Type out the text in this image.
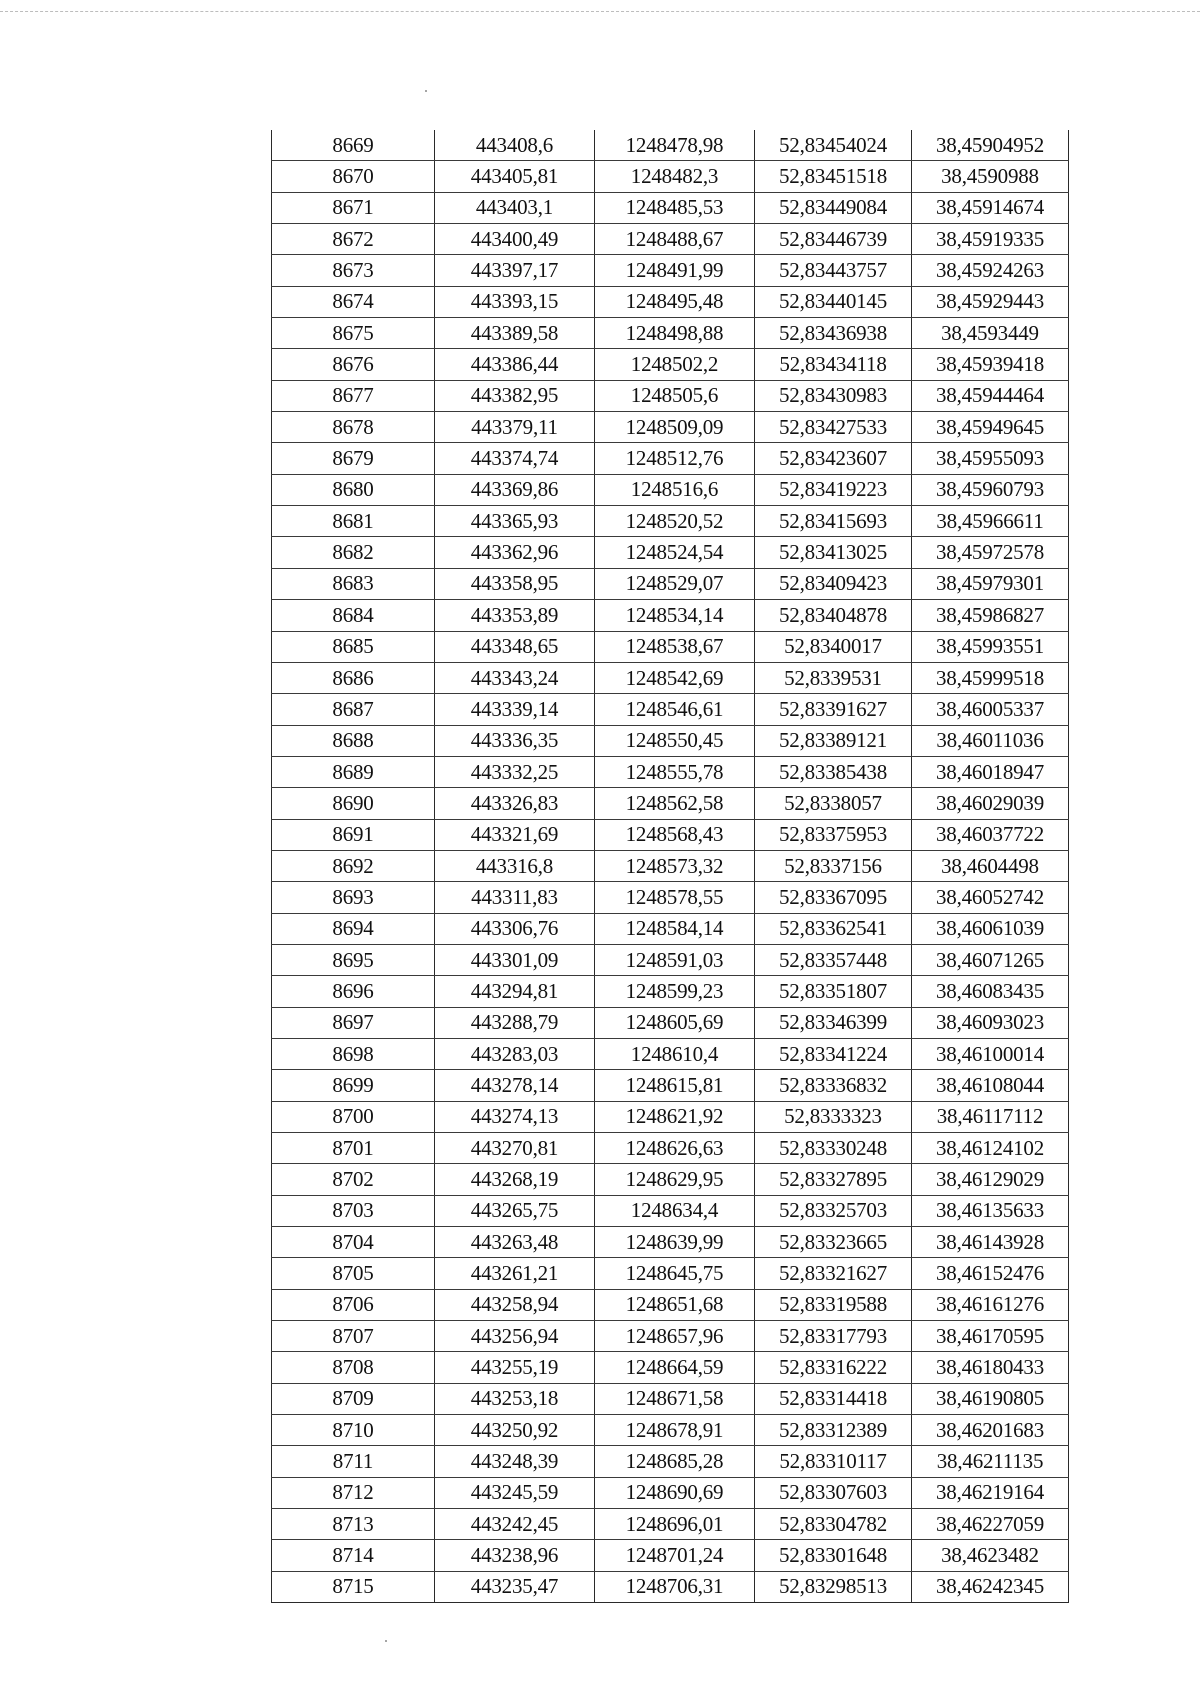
8669	443408,6	1248478,98	52,83454024	38,45904952
8670	443405,81	1248482,3	52,83451518	38,4590988
8671	443403,1	1248485,53	52,83449084	38,45914674
8672	443400,49	1248488,67	52,83446739	38,45919335
8673	443397,17	1248491,99	52,83443757	38,45924263
8674	443393,15	1248495,48	52,83440145	38,45929443
8675	443389,58	1248498,88	52,83436938	38,4593449
8676	443386,44	1248502,2	52,83434118	38,45939418
8677	443382,95	1248505,6	52,83430983	38,45944464
8678	443379,11	1248509,09	52,83427533	38,45949645
8679	443374,74	1248512,76	52,83423607	38,45955093
8680	443369,86	1248516,6	52,83419223	38,45960793
8681	443365,93	1248520,52	52,83415693	38,45966611
8682	443362,96	1248524,54	52,83413025	38,45972578
8683	443358,95	1248529,07	52,83409423	38,45979301
8684	443353,89	1248534,14	52,83404878	38,45986827
8685	443348,65	1248538,67	52,8340017	38,45993551
8686	443343,24	1248542,69	52,8339531	38,45999518
8687	443339,14	1248546,61	52,83391627	38,46005337
8688	443336,35	1248550,45	52,83389121	38,46011036
8689	443332,25	1248555,78	52,83385438	38,46018947
8690	443326,83	1248562,58	52,8338057	38,46029039
8691	443321,69	1248568,43	52,83375953	38,46037722
8692	443316,8	1248573,32	52,8337156	38,4604498
8693	443311,83	1248578,55	52,83367095	38,46052742
8694	443306,76	1248584,14	52,83362541	38,46061039
8695	443301,09	1248591,03	52,83357448	38,46071265
8696	443294,81	1248599,23	52,83351807	38,46083435
8697	443288,79	1248605,69	52,83346399	38,46093023
8698	443283,03	1248610,4	52,83341224	38,46100014
8699	443278,14	1248615,81	52,83336832	38,46108044
8700	443274,13	1248621,92	52,8333323	38,46117112
8701	443270,81	1248626,63	52,83330248	38,46124102
8702	443268,19	1248629,95	52,83327895	38,46129029
8703	443265,75	1248634,4	52,83325703	38,46135633
8704	443263,48	1248639,99	52,83323665	38,46143928
8705	443261,21	1248645,75	52,83321627	38,46152476
8706	443258,94	1248651,68	52,83319588	38,46161276
8707	443256,94	1248657,96	52,83317793	38,46170595
8708	443255,19	1248664,59	52,83316222	38,46180433
8709	443253,18	1248671,58	52,83314418	38,46190805
8710	443250,92	1248678,91	52,83312389	38,46201683
8711	443248,39	1248685,28	52,83310117	38,46211135
8712	443245,59	1248690,69	52,83307603	38,46219164
8713	443242,45	1248696,01	52,83304782	38,46227059
8714	443238,96	1248701,24	52,83301648	38,4623482
8715	443235,47	1248706,31	52,83298513	38,46242345
